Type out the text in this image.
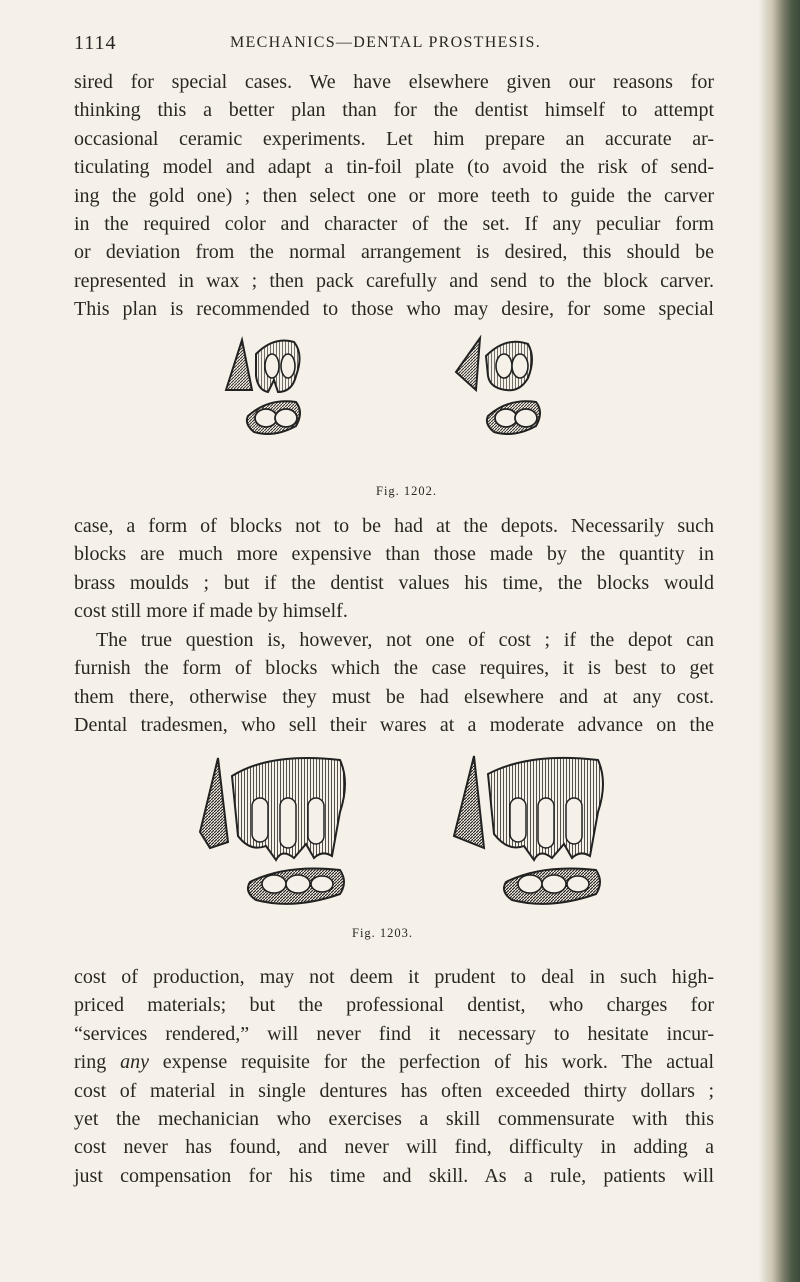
1114	MECHANICS—DENTAL PROSTHESIS.

sired for special cases. We have elsewhere given our reasons for
thinking this a better plan than for the dentist himself to attempt
occasional ceramic experiments. Let him prepare an accurate ar-
ticulating model and adapt a tin-foil plate (to avoid the risk of send-
ing the gold one) ; then select one or more teeth to guide the carver
in the required color and character of the set. If any peculiar form
or deviation from the normal arrangement is desired, this should be
represented in wax ; then pack carefully and send to the block carver.
This plan is recommended to those who may desire, for some special

Fig. 1202.

case, a form of blocks not to be had at the depots. Necessarily such
blocks are much more expensive than those made by the quantity in
brass moulds ; but if the dentist values his time, the blocks would
cost still more if made by himself.

The true question is, however, not one of cost ; if the depot can
furnish the form of blocks which the case requires, it is best to get
them there, otherwise they must be had elsewhere and at any cost.
Dental tradesmen, who sell their wares at a moderate advance on the

Fig. 1203.

cost of production, may not deem it prudent to deal in such high-
priced materials; but the professional dentist, who charges for
“services rendered,” will never find it necessary to hesitate incur-
ring any expense requisite for the perfection of his work. The actual
cost of material in single dentures has often exceeded thirty dollars ;
yet the mechanician who exercises a skill commensurate with this
cost never has found, and never will find, difficulty in adding a
just compensation for his time and skill. As a rule, patients will
